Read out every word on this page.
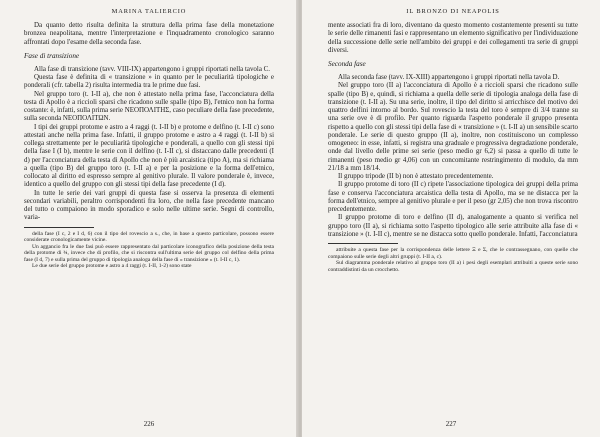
MARINA TALIERCIO

Da quanto detto risulta definita la struttura della prima fase della monetazione bronzea neapolitana, mentre l'interpretazione e l'inquadramento cronologico saranno affrontati dopo l'esame della seconda fase.

Fase di transizione

Alla fase di transizione (tavv. VIII-IX) appartengono i gruppi riportati nella tavola C.

Questa fase è definita di « transizione » in quanto per le peculiarità tipologiche e ponderali (cfr. tabella 2) risulta intermedia tra le prime due fasi.

Nel gruppo toro (t. I-II a), che non è attestato nella prima fase, l'acconciatura della testa di Apollo è a riccioli sparsi che ricadono sulle spalle (tipo B), l'etnico non ha forma costante: è, infatti, sulla prima serie ΝΕΟΠΟΛΙΤΗΣ, caso peculiare della fase precedente, sulla seconda ΝΕΟΠΟΛΙΤΩΝ.

I tipi dei gruppi protome e astro a 4 raggi (t. I-II b) e protome e delfino (t. I-II c) sono attestati anche nella prima fase. Infatti, il gruppo protome e astro a 4 raggi (t. I-II b) si collega strettamente per le peculiarità tipologiche e ponderali, a quello con gli stessi tipi della fase I (I b), mentre le serie con il delfino (t. I-II c), si distaccano dalle precedenti (I d) per l'acconciatura della testa di Apollo che non è più arcaistica (tipo A), ma si richiama a quella (tipo B) del gruppo toro (t. I-II a) e per la posizione e la forma dell'etnico, collocato al diritto ed espresso sempre al genitivo plurale. Il valore ponderale è, invece, identico a quello del gruppo con gli stessi tipi della fase precedente (I d).

In tutte le serie dei vari gruppi di questa fase si osserva la presenza di elementi secondari variabili, peraltro corrispondenti fra loro, che nella fase precedente mancano del tutto o compaiono in modo sporadico e solo nelle ultime serie. Segni di controllo, varia-

della fase (I c, 2 e I d, 6) con il tipo del rovescio a s., che, in base a questo particolare, possono essere considerate cronologicamente vicine.

Un aggancio fra le due fasi può essere rappresentato dal particolare iconografico della posizione della testa della protome di ¾, invece che di profilo, che si riscontra sull'ultima serie del gruppo col delfino della prima fase (I d, 7) e sulla prima del gruppo di tipologia analoga della fase di « transizione » (t. I-II c, 1).

Le due serie del gruppo protome e astro a 4 raggi (t. I-II, 1-2) sono state

226
IL BRONZO DI NEAPOLIS

mente associati fra di loro, diventano da questo momento costantemente presenti su tutte le serie delle rimanenti fasi e rappresentano un elemento significativo per l'individuazione della successione delle serie nell'ambito dei gruppi e dei collegamenti tra serie di gruppi diversi.

Seconda fase

Alla seconda fase (tavv. IX-XIII) appartengono i gruppi riportati nella tavola D.

Nel gruppo toro (II a) l'acconciatura di Apollo è a riccioli sparsi che ricadono sulle spalle (tipo B) e, quindi, si richiama a quella delle serie di tipologia analoga della fase di transizione (t. I-II a). Su una serie, inoltre, il tipo del diritto si arricchisce del motivo dei quattro delfini intorno al bordo. Sul rovescio la testa del toro è sempre di 3/4 tranne su una serie ove è di profilo. Per quanto riguarda l'aspetto ponderale il gruppo presenta rispetto a quello con gli stessi tipi della fase di « transizione » (t. I-II a) un sensibile scarto ponderale. Le serie di questo gruppo (II a), inoltre, non costituiscono un complesso omogeneo: in esse, infatti, si registra una graduale e progressiva degradazione ponderale, onde dal livello delle prime sei serie (peso medio gr 6,2) si passa a quello di tutte le rimanenti (peso medio gr 4,06) con un concomitante restringimento di modulo, da mm 21/18 a mm 18/14.

Il gruppo tripode (II b) non è attestato precedentemente.

Il gruppo protome di toro (II c) ripete l'associazione tipologica dei gruppi della prima fase e conserva l'acconciatura arcaistica della testa di Apollo, ma se ne distacca per la forma dell'etnico, sempre al genitivo plurale e per il peso (gr 2,05) che non trova riscontro precedentemente.

Il gruppo protome di toro e delfino (II d), analogamente a quanto si verifica nel gruppo toro (II a), si richiama sotto l'aspetto tipologico alle serie attribuite alla fase di « transizione » (t. I-II c), mentre se ne distacca sotto quello ponderale. Infatti, l'acconciatura

attribuite a questa fase per la corrispondenza delle lettere Ξ e Σ, che le contrassegnano, con quelle che compaiono sulle serie degli altri gruppi (t. I-II a, c).

Sul diagramma ponderale relativo al gruppo toro (II a) i pesi degli esemplari attribuiti a queste serie sono contraddistinti da un crocchetto.

227
